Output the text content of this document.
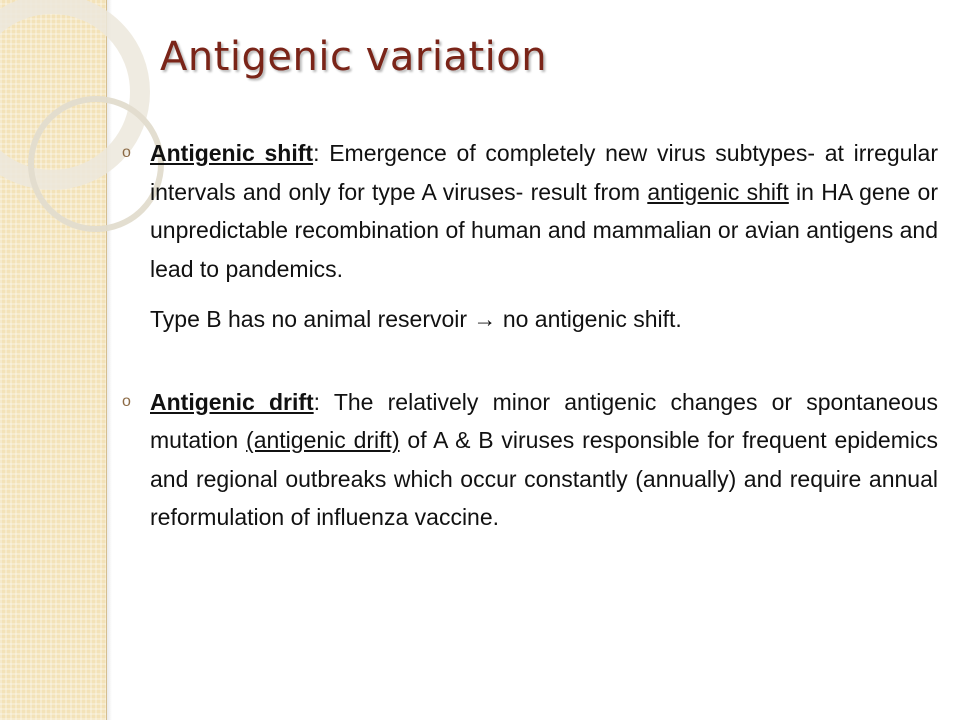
Antigenic variation
o Antigenic shift: Emergence of completely new virus subtypes- at irregular intervals and only for type A viruses- result from antigenic shift in HA gene or unpredictable recombination of human and mammalian or avian antigens and lead to pandemics.
Type B has no animal reservoir → no antigenic shift.
o Antigenic drift: The relatively minor antigenic changes or spontaneous mutation (antigenic drift) of A & B viruses responsible for frequent epidemics and regional outbreaks which occur constantly (annually) and require annual reformulation of influenza vaccine.
